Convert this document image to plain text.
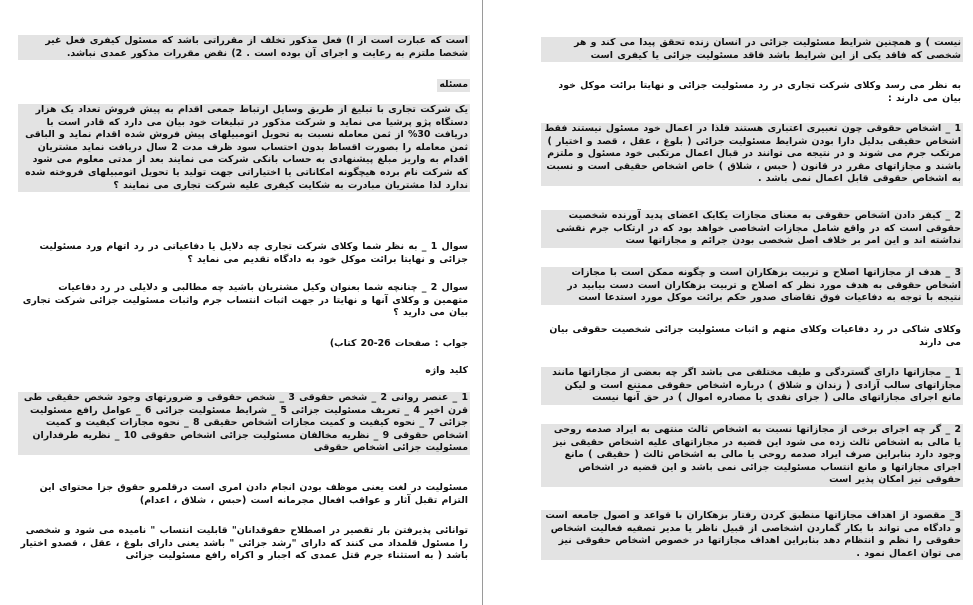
است که عبارت است از ا) فعل مذکور تخلف از مقرراتی باشد که مسئول کیفری فعل غیر شخصا ملتزم به رعایت و اجرای آن بوده است . 2) نقض مقررات مذکور عمدی نباشد.

مسئله

یک شرکت تجاری با تبلیغ از طریق وسایل ارتباط جمعی اقدام به پیش فروش تعداد یک هزار دستگاه پژو پرشیا می نماید و شرکت مذکور در تبلیغات خود بیان می دارد که قادر است با دریافت 30% از ثمن معامله نسبت به تحویل اتومبیلهای پیش فروش شده اقدام نماید و الباقی ثمن معامله را بصورت اقساط بدون احتساب سود ظرف مدت 2 سال دریافت نماید مشتریان اقدام به واریز مبلغ پیشنهادی به حساب بانکی شرکت می نمایند بعد از مدتی معلوم می شود که شرکت نام برده هیچگونه امکاناتی یا اختیاراتی جهت تولید یا تحویل اتومبیلهای فروخته شده ندارد لذا مشتریان مبادرت به شکایت کیفری علیه شرکت تجاری می نمایند ؟

سوال 1 _ به نظر شما وکلای شرکت تجاری چه دلایل یا دفاعیاتی در رد اتهام ورد مسئولیت جزائی و نهایتا برائت موکل خود به دادگاه تقدیم می نماید ؟

سوال 2 _ چنانچه شما بعنوان وکیل مشتریان باشید چه مطالبی و دلایلی در رد دفاعیات متهمین و وکلای آنها و نهایتا در جهت اثبات انتساب جرم واثبات مسئولیت جزائی شرکت تجاری بیان می دارید ؟

جواب : صفحات 26-20 کتاب)

کلید واژه

1 _ عنصر روانی 2 _ شخص حقوقی 3 _ شخص حقوقی و ضرورتهای وجود شخص حقیقی طی قرن اخیر 4 _ تعریف مسئولیت جزائی 5 _ شرایط مسئولیت جزائی 6 _ عوامل رافع مسئولیت جزائی 7 _ نحوه کیفیت و کمیت مجازات اشخاص حقیقی 8 _ نحوه مجازات کیفیت و کمیت اشخاص حقوقی 9 _ نظریه مخالفان مسئولیت جزائی اشخاص حقوقی 10 _ نظریه طرفداران مسئولیت جزائی اشخاص حقوقی

مسئولیت در لغت یعنی موظف بودن انجام دادن امری است درقلمرو حقوق جزا محتوای این التزام تقبل آثار و عواقب افعال مجرمانه است (حبس ، شلاق ، اعدام)

توانائی پذیرفتن بار تقصیر در اصطلاح حقوقدانان" قابلیت انتساب " نامیده می شود و شخصی را مسئول قلمداد می کنند که دارای "رشد جزائی " باشد یعنی دارای بلوغ ، عقل ، قصدو اختیار باشد ( به استثناء جرم قتل عمدی که اجبار و اکراه رافع مسئولیت جزائی

نیست ) و همچنین شرایط مسئولیت جزائی در انسان زنده تحقق پیدا می کند و هر شخصی که فاقد یکی از این شرایط باشد فاقد مسئولیت جزائی یا کیفری است

به نظر می رسد وکلای شرکت تجاری در رد مسئولیت جزائی و نهایتا برائت موکل خود بیان می دارند :

1 _ اشخاص حقوقی چون تعبیری اعتباری هستند فلذا در اعمال خود مسئول نیستند فقط اشخاص حقیقی بدلیل دارا بودن شرایط مسئولیت جزائی ( بلوغ ، عقل ، قصد و اختیار ) مرتکب جرم می شوند و در نتیجه می توانند در قبال اعمال مرتکبی خود مسئول و ملتزم باشند و مجازاتهای مقرر در قانون ( حبس ، شلاق ) خاص اشخاص حقیقی است و نسبت به اشخاص حقوقی قابل اعمال نمی باشد .

2 _ کیفر دادن اشخاص حقوقی به معنای مجازات یکایک اعضای پدید آورنده شخصیت حقوقی است که در واقع شامل مجازات اشخاصی خواهد بود که در ارتکاب جرم نقشی نداشته اند و این امر بر خلاف اصل شخصی بودن جرائم و مجازاتها ست

3 _ هدف از مجازاتها اصلاح و تربیت بزهکاران است و چگونه ممکن است با مجازات اشخاص حقوقی به هدف مورد نظر که اصلاح و تربیت بزهکاران است دست بیابید در نتیجه با توجه به دفاعیات فوق تقاضای صدور حکم برائت موکل مورد استدعا است

وکلای شاکی در رد دفاعیات وکلای متهم و اثبات مسئولیت جزائی شخصیت حقوقی بیان می دارند

1 _ مجازاتها دارای گستردگی و طیف مختلفی می باشد اگر چه بعضی از مجازاتها مانند مجازاتهای سالب آزادی ( زندان و شلاق ) درباره اشخاص حقوقی ممتنع است و لیکن مانع اجرای مجازاتهای مالی ( جزای نقدی یا مصادره اموال ) در حق آنها نیست

2 _ گر چه اجرای برخی از مجازاتها نسبت به اشخاص ثالث منتهی به ایراد صدمه روحی یا مالی به اشخاص ثالث زده می شود این قضیه در مجازاتهای علیه اشخاص حقیقی نیز وجود دارد بنابراین صرف ایراد صدمه روحی یا مالی به اشخاص ثالث ( حقیقی ) مانع اجرای مجازاتها و مانع انتساب مسئولیت جزائی نمی باشد و این قضیه در اشخاص حقوقی نیز امکان پذیر است

3_ مقصود از اهداف مجازاتها منطبق کردن رفتار بزهکاران با قواعد و اصول جامعه است و دادگاه می تواند با بکار گماردن اشخاصی از قبیل ناظر یا مدیر تصفیه فعالیت اشخاص حقوقی را نظم و انتظام دهد بنابراین اهداف مجازاتها در خصوص اشخاص حقوقی نیز می توان اعمال نمود .
